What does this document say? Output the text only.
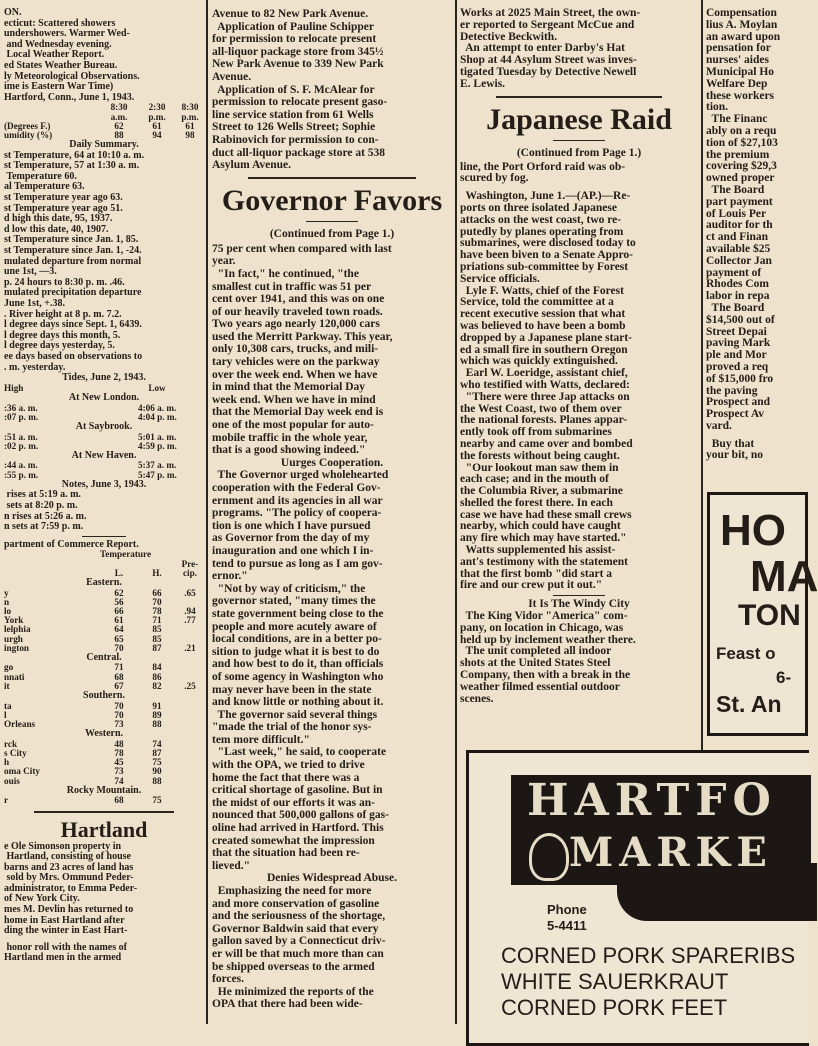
ON.
ecticut: Scattered showers
undershowers. Warmer Wed-
and Wednesday evening.
Local Weather Report.
ed States Weather Bureau.
ly Meteorological Observations.
ime is Eastern War Time)
Hartford, Conn., June 1, 1943.
8:30	2:30	8:30
a.m.	p.m.	p.m.
(Degrees F.)	62	61	61
umidity (%)	88	94	98
Daily Summary.
st Temperature, 64 at 10:10 a. m.
st Temperature, 57 at 1:30 a. m.
Temperature 60.
al Temperature 63.
st Temperature year ago 63.
st Temperature year ago 51.
d high this date, 95, 1937.
d low this date, 40, 1907.
st Temperature since Jan. 1, 85.
st Temperature since Jan. 1, -24.
mulated departure from normal
une 1st, —3.
p. 24 hours to 8:30 p. m. .46.
mulated precipitation departure
June 1st, +.38.
. River height at 8 p. m. 7.2.
l degree days since Sept. 1, 6439.
l degree days this month, 5.
l degree days yesterday, 5.
ee days based on observations to
. m. yesterday.
Tides, June 2, 1943.
High	Low
At New London.
:36 a. m.	4:06 a. m.
:07 p. m.	4:04 p. m.
At Saybrook.
:51 a. m.	5:01 a. m.
:02 p. m.	4:59 p. m.
At New Haven.
:44 a. m.	5:37 a. m.
:55 p. m.	5:47 p. m.
Notes, June 3, 1943.
rises at 5:19 a. m.
sets at 8:20 p. m.
n rises at 5:26 a. m.
n sets at 7:59 p. m.
partment of Commerce Report.
Temperature
Pre-
L.	H.	cip.
Eastern.
y	62	66	.65
n	56	70
lo	66	78	.94
York	61	71	.77
lelphia	64	85
urgh	65	85
ington	70	87	.21
Central.
go	71	84
nnati	68	86
it	67	82	.25
Southern.
ta	70	91
l	70	89
Orleans	73	88
Western.
rck	48	74
s City	78	87
h	45	75
oma City	73	90
ouis	74	88
Rocky Mountain.
r	68	75
Hartland
e Ole Simonson property in
Hartland, consisting of house
barns and 23 acres of land has
sold by Mrs. Ommund Peder-
administrator, to Emma Peder-
of New York City.
mes M. Devlin has returned to
home in East Hartland after
ding the winter in East Hart-
honor roll with the names of
Hartland men in the armed
Avenue to 82 New Park Avenue.
Application of Pauline Schipper
for permission to relocate present
all-liquor package store from 345½
New Park Avenue to 339 New Park
Avenue.
Application of S. F. McAlear for
permission to relocate present gaso-
line service station from 61 Wells
Street to 126 Wells Street; Sophie
Rabinovich for permission to con-
duct all-liquor package store at 538
Asylum Avenue.
Governor Favors
(Continued from Page 1.)
75 per cent when compared with last
year.
"In fact," he continued, "the
smallest cut in traffic was 51 per
cent over 1941, and this was on one
of our heavily traveled town roads.
Two years ago nearly 120,000 cars
used the Merritt Parkway. This year,
only 10,308 cars, trucks, and mili-
tary vehicles were on the parkway
over the week end. When we have
in mind that the Memorial Day
week end. When we have in mind
that the Memorial Day week end is
one of the most popular for auto-
mobile traffic in the whole year,
that is a good showing indeed."
Uurges Cooperation.
The Governor urged wholehearted
cooperation with the Federal Gov-
ernment and its agencies in all war
programs. "The policy of coopera-
tion is one which I have pursued
as Governor from the day of my
inauguration and one which I in-
tend to pursue as long as I am gov-
ernor."
"Not by way of criticism," the
governor stated, "many times the
state government being close to the
people and more acutely aware of
local conditions, are in a better po-
sition to judge what it is best to do
and how best to do it, than officials
of some agency in Washington who
may never have been in the state
and know little or nothing about it.
The governor said several things
"made the trial of the honor sys-
tem more difficult."
"Last week," he said, to cooperate
with the OPA, we tried to drive
home the fact that there was a
critical shortage of gasoline. But in
the midst of our efforts it was an-
nounced that 500,000 gallons of gas-
oline had arrived in Hartford. This
created somewhat the impression
that the situation had been re-
lieved."
Denies Widespread Abuse.
Emphasizing the need for more
and more conservation of gasoline
and the seriousness of the shortage,
Governor Baldwin said that every
gallon saved by a Connecticut driv-
er will be that much more than can
be shipped overseas to the armed
forces.
He minimized the reports of the
OPA that there had been wide-
Works at 2025 Main Street, the own-
er reported to Sergeant McCue and
Detective Beckwith.
An attempt to enter Darby's Hat
Shop at 44 Asylum Street was inves-
tigated Tuesday by Detective Newell
E. Lewis.
Japanese Raid
(Continued from Page 1.)
line, the Port Orford raid was ob-
scured by fog.
Washington, June 1.—(AP.)—Re-
ports on three isolated Japanese
attacks on the west coast, two re-
putedly by planes operating from
submarines, were disclosed today to
have been biven to a Senate Appro-
priations sub-committee by Forest
Service officials.
Lyle F. Watts, chief of the Forest
Service, told the committee at a
recent executive session that what
was believed to have been a bomb
dropped by a Japanese plane start-
ed a small fire in southern Oregon
which was quickly extinguished.
Earl W. Loeridge, assistant chief,
who testified with Watts, declared:
"There were three Jap attacks on
the West Coast, two of them over
the national forests. Planes appar-
ently took off from submarines
nearby and came over and bombed
the forests without being caught.
"Our lookout man saw them in
each case; and in the mouth of
the Columbia River, a submarine
shelled the forest there. In each
case we have had these small crews
nearby, which could have caught
any fire which may have started."
Watts supplemented his assist-
ant's testimony with the statement
that the first bomb "did start a
fire and our crew put it out."
It Is The Windy City
The King Vidor "America" com-
pany, on location in Chicago, was
held up by inclement weather there.
The unit completed all indoor
shots at the United States Steel
Company, then with a break in the
weather filmed essential outdoor
scenes.
Compensation
lius A. Moylan
an award upon
pensation for
nurses' aides
Municipal Ho
Welfare Dep
these workers
tion.
The Financ
ably on a requ
tion of $27,103
the premium
covering $29,3
owned proper
The Board
part payment
of Louis Per
auditor for th
ct and Finan
available $25
Collector Jan
payment of
Rhodes Com
labor in repa
The Board
$14,500 out of
Street Depai
paving Mark
ple and Mor
proved a req
of $15,000 fro
the paving
Prospect and
Prospect Av
vard.
Buy that
your bit, no
HO
MA
TON
Feast o
6-
St. An
HARTFO
MARKE
Phone
5-4411
CORNED PORK SPARERIBS
WHITE SAUERKRAUT
CORNED PORK FEET
